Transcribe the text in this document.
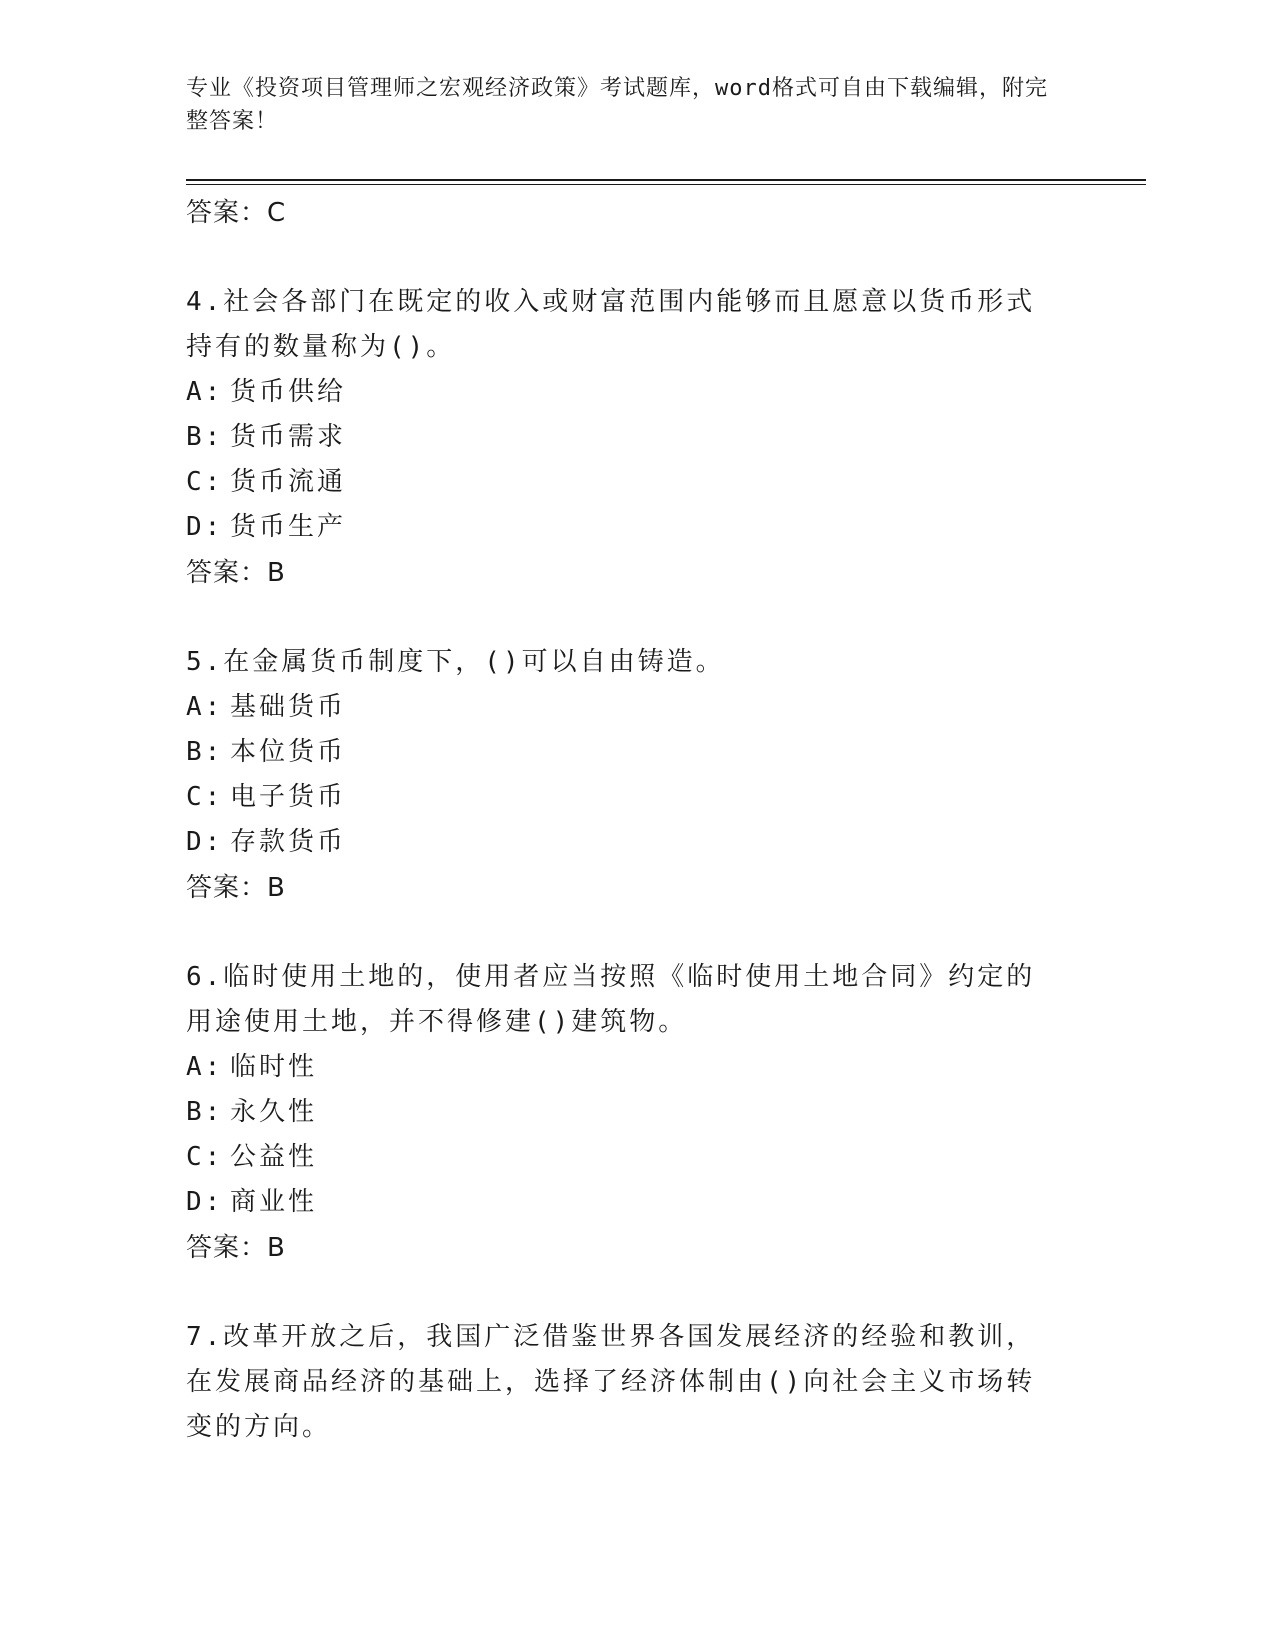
专业《投资项目管理师之宏观经济政策》考试题库，word格式可自由下载编辑，附完整答案！
答案：C
4.社会各部门在既定的收入或财富范围内能够而且愿意以货币形式持有的数量称为()。
A: 货币供给
B: 货币需求
C: 货币流通
D: 货币生产
答案：B
5.在金属货币制度下，()可以自由铸造。
A: 基础货币
B: 本位货币
C: 电子货币
D: 存款货币
答案：B
6.临时使用土地的，使用者应当按照《临时使用土地合同》约定的用途使用土地，并不得修建()建筑物。
A: 临时性
B: 永久性
C: 公益性
D: 商业性
答案：B
7.改革开放之后，我国广泛借鉴世界各国发展经济的经验和教训，在发展商品经济的基础上，选择了经济体制由()向社会主义市场转变的方向。
